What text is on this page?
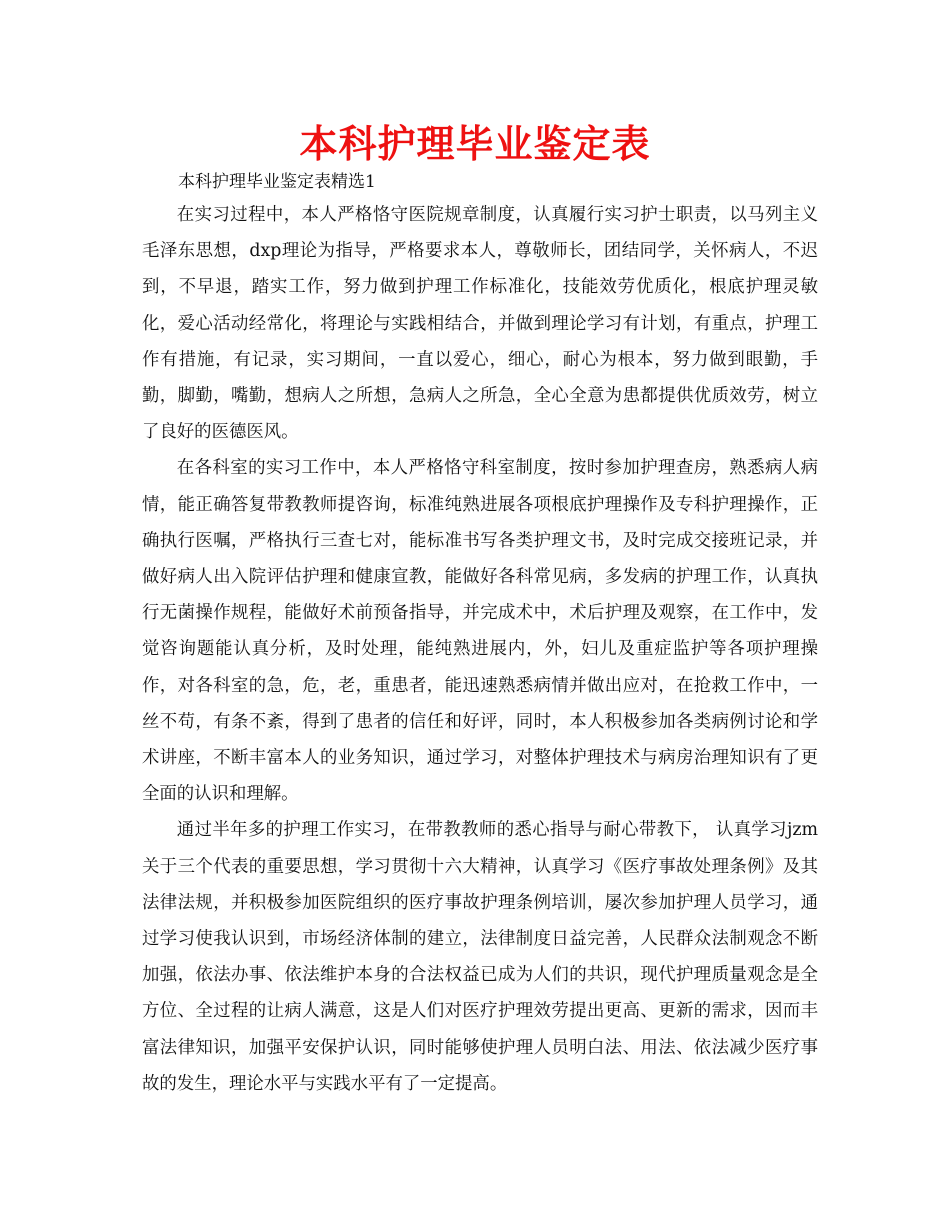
本科护理毕业鉴定表
本科护理毕业鉴定表精选1

在实习过程中，本人严格恪守医院规章制度，认真履行实习护士职责，以马列主义毛泽东思想，dxp理论为指导，严格要求本人，尊敬师长，团结同学，关怀病人，不迟到，不早退，踏实工作，努力做到护理工作标准化，技能效劳优质化，根底护理灵敏化，爱心活动经常化，将理论与实践相结合，并做到理论学习有计划，有重点，护理工作有措施，有记录，实习期间，一直以爱心，细心，耐心为根本，努力做到眼勤，手勤，脚勤，嘴勤，想病人之所想，急病人之所急，全心全意为患都提供优质效劳，树立了良好的医德医风。

在各科室的实习工作中，本人严格恪守科室制度，按时参加护理查房，熟悉病人病情，能正确答复带教教师提咨询，标准纯熟进展各项根底护理操作及专科护理操作，正确执行医嘱，严格执行三查七对，能标准书写各类护理文书，及时完成交接班记录，并做好病人出入院评估护理和健康宣教，能做好各科常见病，多发病的护理工作，认真执行无菌操作规程，能做好术前预备指导，并完成术中，术后护理及观察，在工作中，发觉咨询题能认真分析，及时处理，能纯熟进展内，外，妇儿及重症监护等各项护理操作，对各科室的急，危，老，重患者，能迅速熟悉病情并做出应对，在抢救工作中，一丝不苟，有条不紊，得到了患者的信任和好评，同时，本人积极参加各类病例讨论和学术讲座，不断丰富本人的业务知识，通过学习，对整体护理技术与病房治理知识有了更全面的认识和理解。

通过半年多的护理工作实习，在带教教师的悉心指导与耐心带教下， 认真学习jzm关于三个代表的重要思想，学习贯彻十六大精神，认真学习《医疗事故处理条例》及其法律法规，并积极参加医院组织的医疗事故护理条例培训，屡次参加护理人员学习，通过学习使我认识到，市场经济体制的建立，法律制度日益完善，人民群众法制观念不断加强，依法办事、依法维护本身的合法权益已成为人们的共识，现代护理质量观念是全方位、全过程的让病人满意，这是人们对医疗护理效劳提出更高、更新的需求，因而丰富法律知识，加强平安保护认识，同时能够使护理人员明白法、用法、依法减少医疗事故的发生，理论水平与实践水平有了一定提高。
